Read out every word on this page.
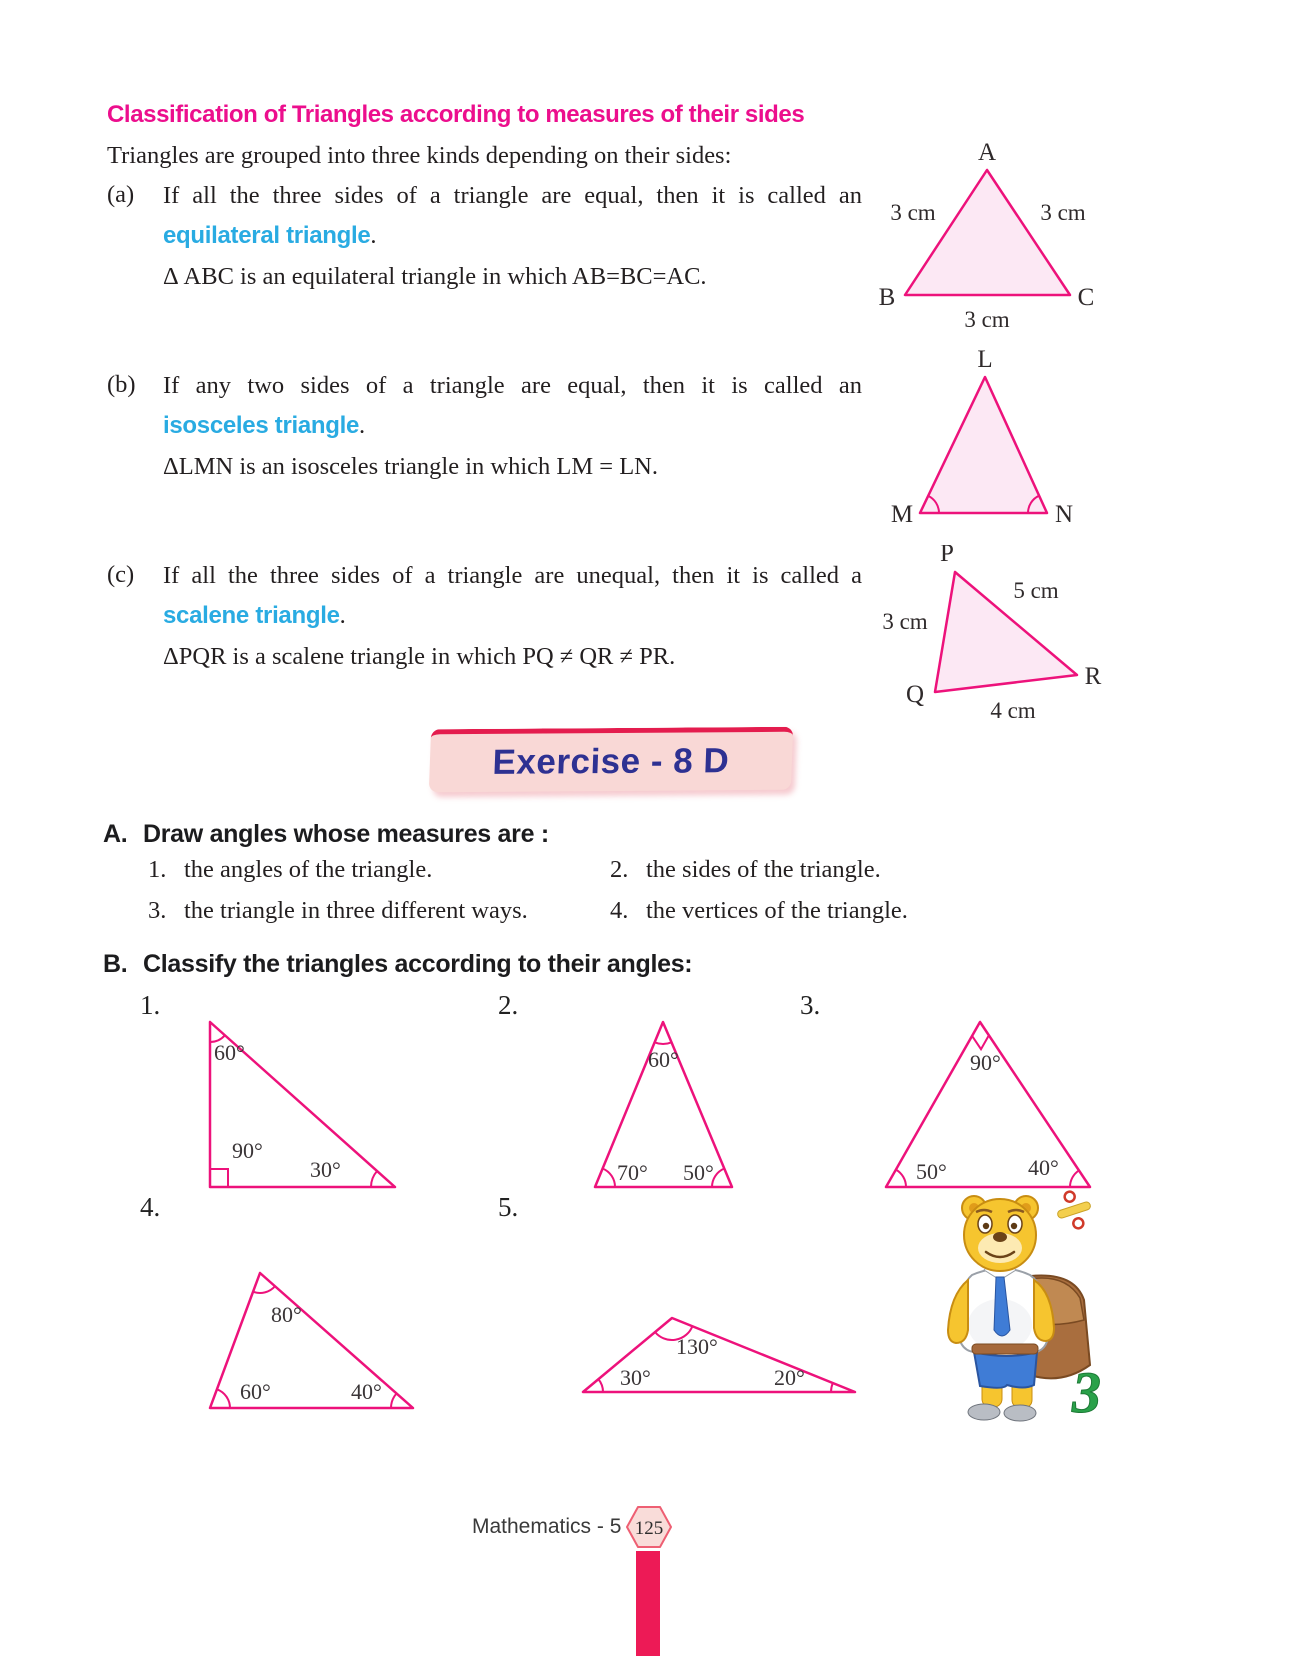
Classification of Triangles according to measures of their sides
Triangles are grouped into three kinds depending on their sides:
(a)	If all the three sides of a triangle are equal, then it is called an
equilateral triangle.
Δ ABC is an equilateral triangle in which AB=BC=AC.
(b)	If any two sides of a triangle are equal, then it is called an
isosceles triangle.
ΔLMN is an isosceles triangle in which LM = LN.
(c)	If all the three sides of a triangle are unequal, then it is called a
scalene triangle.
ΔPQR is a scalene triangle in which PQ ≠ QR ≠ PR.
A
B	C
3 cm	3 cm
3 cm
L
M	N
P
Q
R
3 cm
5 cm
4 cm
Exercise - 8 D
A. Draw angles whose measures are :
1. the angles of the triangle.	2. the sides of the triangle.
3. the triangle in three different ways.	4. the vertices of the triangle.
B. Classify the triangles according to their angles:
1.	2.	3.
60°
90°
30°
60°
70° 50°
90°
50°	40°
4.	5.
80°
60°	40°
130°
30°	20°	3
Mathematics - 5 125
